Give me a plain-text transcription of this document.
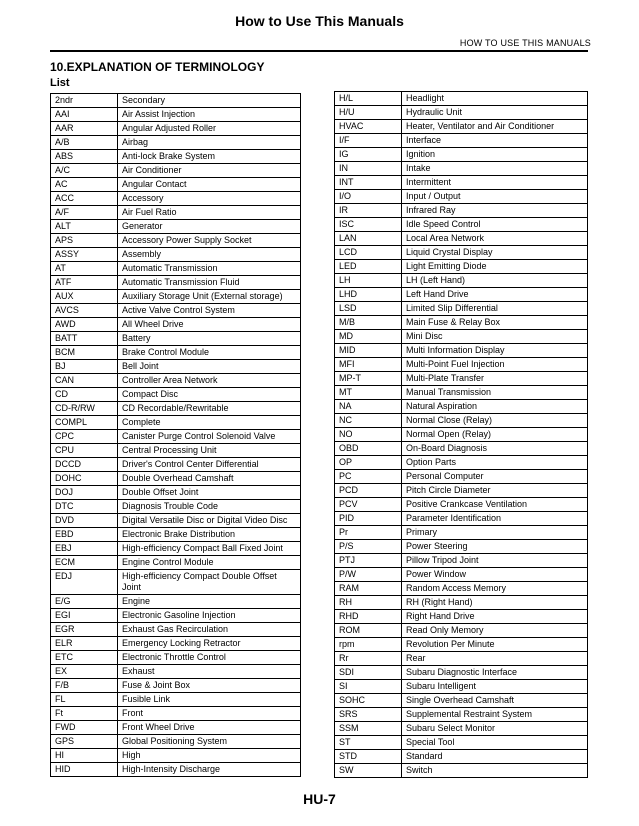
How to Use This Manuals
HOW TO USE THIS MANUALS
10.EXPLANATION OF TERMINOLOGY
List
2ndr	Secondary
AAI	Air Assist Injection
AAR	Angular Adjusted Roller
A/B	Airbag
ABS	Anti-lock Brake System
A/C	Air Conditioner
AC	Angular Contact
ACC	Accessory
A/F	Air Fuel Ratio
ALT	Generator
APS	Accessory Power Supply Socket
ASSY	Assembly
AT	Automatic Transmission
ATF	Automatic Transmission Fluid
AUX	Auxiliary Storage Unit (External storage)
AVCS	Active Valve Control System
AWD	All Wheel Drive
BATT	Battery
BCM	Brake Control Module
BJ	Bell Joint
CAN	Controller Area Network
CD	Compact Disc
CD-R/RW	CD Recordable/Rewritable
COMPL	Complete
CPC	Canister Purge Control Solenoid Valve
CPU	Central Processing Unit
DCCD	Driver's Control Center Differential
DOHC	Double Overhead Camshaft
DOJ	Double Offset Joint
DTC	Diagnosis Trouble Code
DVD	Digital Versatile Disc or Digital Video Disc
EBD	Electronic Brake Distribution
EBJ	High-efficiency Compact Ball Fixed Joint
ECM	Engine Control Module
EDJ	High-efficiency Compact Double Offset Joint
E/G	Engine
EGI	Electronic Gasoline Injection
EGR	Exhaust Gas Recirculation
ELR	Emergency Locking Retractor
ETC	Electronic Throttle Control
EX	Exhaust
F/B	Fuse & Joint Box
FL	Fusible Link
Ft	Front
FWD	Front Wheel Drive
GPS	Global Positioning System
HI	High
HID	High-Intensity Discharge
H/L	Headlight
H/U	Hydraulic Unit
HVAC	Heater, Ventilator and Air Conditioner
I/F	Interface
IG	Ignition
IN	Intake
INT	Intermittent
I/O	Input / Output
IR	Infrared Ray
ISC	Idle Speed Control
LAN	Local Area Network
LCD	Liquid Crystal Display
LED	Light Emitting Diode
LH	LH (Left Hand)
LHD	Left Hand Drive
LSD	Limited Slip Differential
M/B	Main Fuse & Relay Box
MD	Mini Disc
MID	Multi Information Display
MFI	Multi-Point Fuel Injection
MP-T	Multi-Plate Transfer
MT	Manual Transmission
NA	Natural Aspiration
NC	Normal Close (Relay)
NO	Normal Open (Relay)
OBD	On-Board Diagnosis
OP	Option Parts
PC	Personal Computer
PCD	Pitch Circle Diameter
PCV	Positive Crankcase Ventilation
PID	Parameter Identification
Pr	Primary
P/S	Power Steering
PTJ	Pillow Tripod Joint
P/W	Power Window
RAM	Random Access Memory
RH	RH (Right Hand)
RHD	Right Hand Drive
ROM	Read Only Memory
rpm	Revolution Per Minute
Rr	Rear
SDI	Subaru Diagnostic Interface
SI	Subaru Intelligent
SOHC	Single Overhead Camshaft
SRS	Supplemental Restraint System
SSM	Subaru Select Monitor
ST	Special Tool
STD	Standard
SW	Switch
HU-7
